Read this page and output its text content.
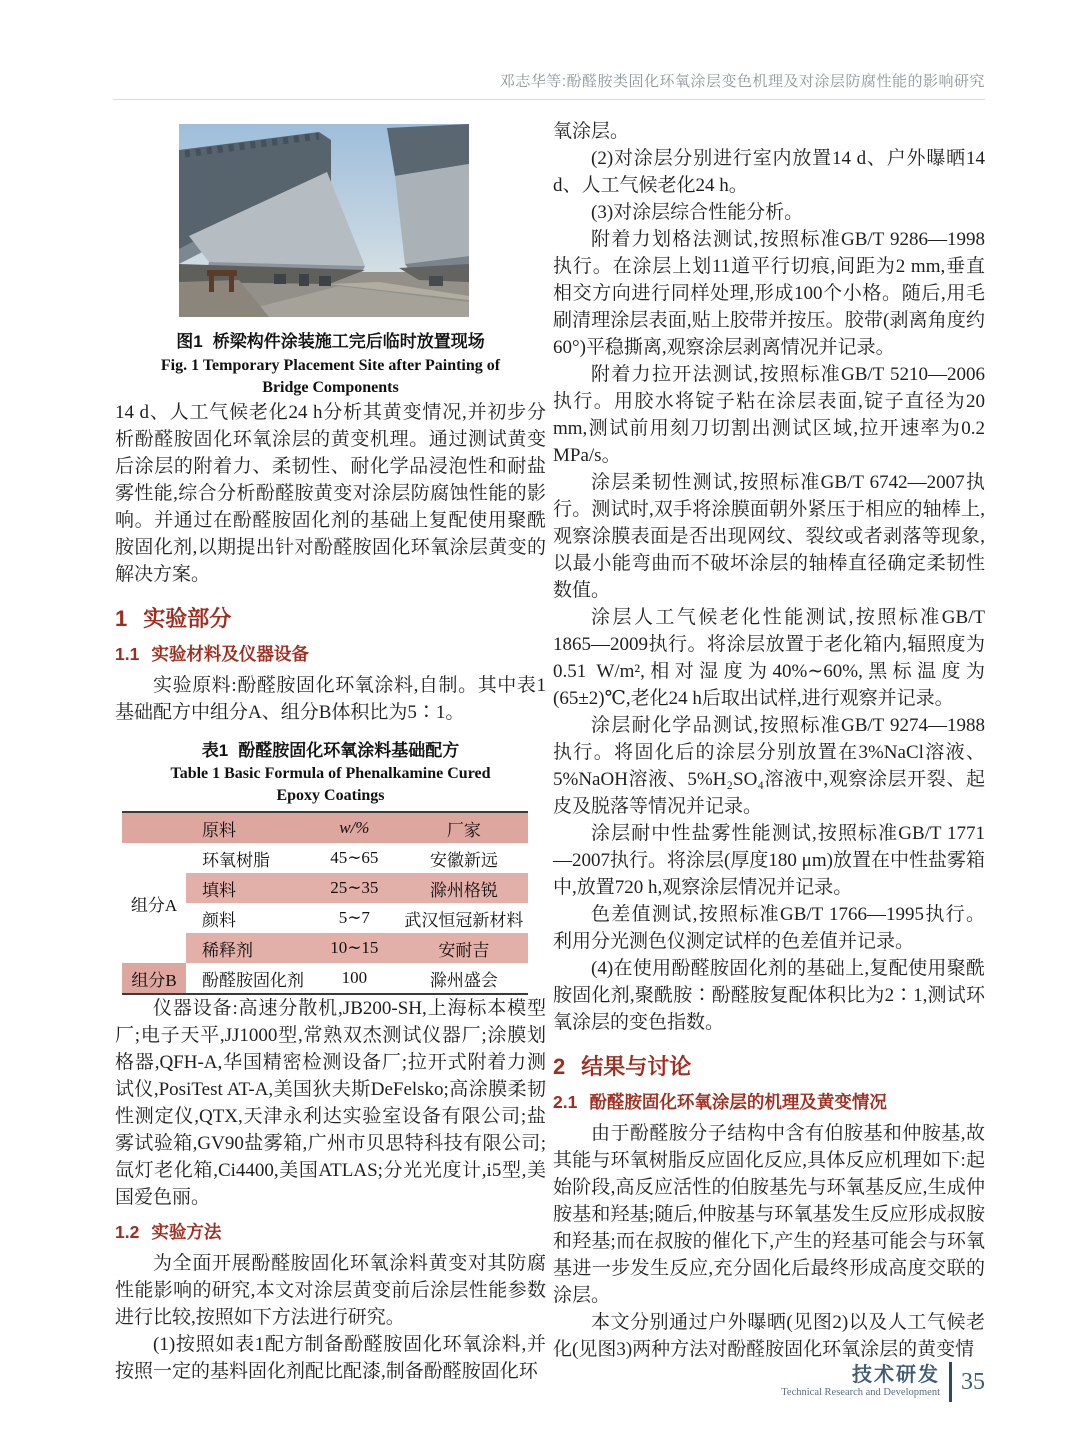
邓志华等:酚醛胺类固化环氧涂层变色机理及对涂层防腐性能的影响研究
图1 桥梁构件涂装施工完后临时放置现场
Fig. 1 Temporary Placement Site after Painting of
Bridge Components

14 d、人工气候老化24 h分析其黄变情况,并初步分析酚醛胺固化环氧涂层的黄变机理。通过测试黄变后涂层的附着力、柔韧性、耐化学品浸泡性和耐盐雾性能,综合分析酚醛胺黄变对涂层防腐蚀性能的影响。并通过在酚醛胺固化剂的基础上复配使用聚酰胺固化剂,以期提出针对酚醛胺固化环氧涂层黄变的解决方案。

1 实验部分
1.1 实验材料及仪器设备

实验原料:酚醛胺固化环氧涂料,自制。其中表1基础配方中组分A、组分B体积比为5∶1。

表1 酚醛胺固化环氧涂料基础配方
Table 1 Basic Formula of Phenalkamine Cured
Epoxy Coatings
	原料	w/%	厂家
组分A	环氧树脂	45∼65	安徽新远
	填料	25∼35	滁州格锐
	颜料	5∼7	武汉恒冠新材料
	稀释剂	10∼15	安耐吉
组分B	酚醛胺固化剂	100	滁州盛会

仪器设备:高速分散机,JB200-SH,上海标本模型厂;电子天平,JJ1000型,常熟双杰测试仪器厂;涂膜划格器,QFH-A,华国精密检测设备厂;拉开式附着力测试仪,PosiTest AT-A,美国狄夫斯DeFelsko;高涂膜柔韧性测定仪,QTX,天津永利达实验室设备有限公司;盐雾试验箱,GV90盐雾箱,广州市贝思特科技有限公司;氙灯老化箱,Ci4400,美国ATLAS;分光光度计,i5型,美国爱色丽。

1.2 实验方法

为全面开展酚醛胺固化环氧涂料黄变对其防腐性能影响的研究,本文对涂层黄变前后涂层性能参数进行比较,按照如下方法进行研究。

(1)按照如表1配方制备酚醛胺固化环氧涂料,并按照一定的基料固化剂配比配漆,制备酚醛胺固化环

氧涂层。

(2)对涂层分别进行室内放置14 d、户外曝晒14 d、人工气候老化24 h。

(3)对涂层综合性能分析。

附着力划格法测试,按照标准GB/T 9286—1998执行。在涂层上划11道平行切痕,间距为2 mm,垂直相交方向进行同样处理,形成100个小格。随后,用毛刷清理涂层表面,贴上胶带并按压。胶带(剥离角度约60°)平稳撕离,观察涂层剥离情况并记录。

附着力拉开法测试,按照标准GB/T 5210—2006执行。用胶水将锭子粘在涂层表面,锭子直径为20 mm,测试前用刻刀切割出测试区域,拉开速率为0.2 MPa/s。

涂层柔韧性测试,按照标准GB/T 6742—2007执行。测试时,双手将涂膜面朝外紧压于相应的轴棒上,观察涂膜表面是否出现网纹、裂纹或者剥落等现象,以最小能弯曲而不破坏涂层的轴棒直径确定柔韧性数值。

涂层人工气候老化性能测试,按照标准GB/T 1865—2009执行。将涂层放置于老化箱内,辐照度为0.51 W/m²,相对湿度为40%∼60%,黑标温度为(65±2)℃,老化24 h后取出试样,进行观察并记录。

涂层耐化学品测试,按照标准GB/T 9274—1988执行。将固化后的涂层分别放置在3%NaCl溶液、5%NaOH溶液、5%H₂SO₄溶液中,观察涂层开裂、起皮及脱落等情况并记录。

涂层耐中性盐雾性能测试,按照标准GB/T 1771—2007执行。将涂层(厚度180 μm)放置在中性盐雾箱中,放置720 h,观察涂层情况并记录。

色差值测试,按照标准GB/T 1766—1995执行。利用分光测色仪测定试样的色差值并记录。

(4)在使用酚醛胺固化剂的基础上,复配使用聚酰胺固化剂,聚酰胺∶酚醛胺复配体积比为2∶1,测试环氧涂层的变色指数。

2 结果与讨论
2.1 酚醛胺固化环氧涂层的机理及黄变情况

由于酚醛胺分子结构中含有伯胺基和仲胺基,故其能与环氧树脂反应固化反应,具体反应机理如下:起始阶段,高反应活性的伯胺基先与环氧基反应,生成仲胺基和羟基;随后,仲胺基与环氧基发生反应形成叔胺和羟基;而在叔胺的催化下,产生的羟基可能会与环氧基进一步发生反应,充分固化后最终形成高度交联的涂层。

本文分别通过户外曝晒(见图2)以及人工气候老化(见图3)两种方法对酚醛胺固化环氧涂层的黄变情

技术研发
Technical Research and Development 35
